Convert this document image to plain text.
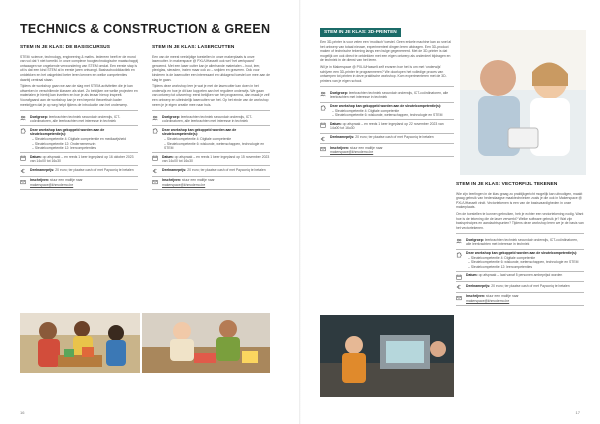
TECHNICS & CONSTRUCTION & GREEN
STEM IN JE KLAS: DE BASISCURSUS

STEM: science, technology, engineering & maths. Iedereen heeft er de mond van vol dat ‘t niet toereikt. In onze complexe hoogtechnologische maatschappij ontwaagen we ongekende verwondering van STEM omdat. Een eerste stap is uit is dat een kind STEM al in eerste jaren ontvangt. Basisschooldidactiek en ontdekken en het vakgebied beter leren kennen en welke competenties daarbij centraal staan.

Tijdens de workshop gaan we aan de slag met STEM-activiteiten die je kan uitwerken in verschillende klassen als start. Zo bekijken we welke projecten en materialen je hierbij kan inzetten en hoe je als leraar hierop inspeelt. Voorafgaand aan de workshop kan je een beperkt theoretisch kader meekrijgen dat je op weg helpt tijdens de introductie van het onderwerp.

Doelgroep: leerkrachten techniek secundair onderwijs, ICT-coördinatoren, alle leerkrachten met interesse in techniek
Deze workshop kan gekoppeld worden aan de sleutelcompetentie(s):
– Sleutelcompetentie 4: Digitale competentie en mediawijsheid
– Sleutelcompetentie 12: Ondernemerszin
– Sleutelcompetentie 12: leercompetenties
Datum: op afspraak – en reeds 1 keer ingepland op 16 oktober 2023 van 14u00 tot 16u30
Deelnameprijs: 20 euro; ter plaatse cash of met Payconiq te betalen
Inschrijven: stuur een mailtje naar
makerspace@khmcdemo.be
STEM IN JE KLAS: LASERCUTTEN

Een van de meest veelzijdige toestellen in onze makerplaats is onze lasercutter. In makerspace @ PXL/UHasselt ook wel ‘het werkpaard’ genoemd. Met een laser cutter kan je allerhande materialen – hout, leer, plexiglas, sieraden, inzien maar ook zo – snijden en graveren. Ook voor kinderen is de lasercutter een interessant en uitdagend toestel om mee aan de slag te gaan.

Tijdens deze workshop leer je wat je met de lasercutter kan doen in het onderwijs en hoe je dit kan koppelen aan het reguliere onderwijs. We gaan van ontwerp tot uitvoering: eerst bekijken we het programma, dan maak je zelf een ontwerp en uiteindelijk lasercutten we het. Op het einde van de workshop neem je je eigen creatie mee naar huis.

Doelgroep: leerkrachten techniek secundair onderwijs, ICT-coördinatoren, alle leerkrachten met interesse in techniek
Deze workshop kan gekoppeld worden aan de sleutelcompetentie(s):
– Sleutelcompetentie 4: Digitale competentie
– Sleutelcompetentie 6: wiskunde, wetenschappen, technologie en STEM
Datum: op afspraak – en reeds 1 keer ingepland op 15 november 2023 van 14u00 tot 16u30
Deelnameprijs: 20 euro; ter plaatse cash of met Payconiq te betalen
Inschrijven: stuur een mailtje naar
makerspace@khmcdemo.be
16
STEM IN JE KLAS: 3D-PRINTEN

Een 3D-printer is voor velen een ‘modisch’ toestel. Geen enkele machine kan zo snel al het ontwerp van totaal nieuwe, experimenteel dingen leren uitdragen. Een 3D-product maken of technische tekening langs een bulge gegenereerd. Met de 3D-printer is dat mogelijk om ook direct te ontdekken met een eigen ontwerp als onderdeel bijdragen en de techniek in de dienst van het leren.

Wil je in Makerspace @ PXL/UHasselt zelf ervaren hoe het is om met ‘onderwijs’ schijven een 3D-printer te programmeren? We doorlopen het volledige proces van ontwerpen tot printen in deze praktische workshop. Kom experimenteren met de 3D-printers van je eigen school.

Doelgroep: leerkrachten techniek secundair onderwijs, ICT-coördinatoren, alle leerkrachten met interesse in techniek
Deze workshop kan gekoppeld worden aan de sleutelcompetentie(s):
– Sleutelcompetentie 4: Digitale competentie
– Sleutelcompetentie 6: wiskunde, wetenschappen, technologie en STEM
Datum: op afspraak – en reeds 1 keer ingepland op 22 november 2023 van 14u00 tot 16u30
Deelnameprijs: 20 euro; ter plaatse cash of met Payconiq te betalen
Inschrijven: stuur een mailtje naar
makerspace@khmcdemo.be
STEM IN JE KLAS: VECTORFIJL TEKENEN

Wie zijn leerlingen in de klas graag zo praktijkgericht mogelijk kan uitnodigen, maakt graag gebruik van hedendaagse maaktechnieken zoals je die ook in Makerspace @ PXL/UHasselt vindt. Vectortekenen is een van de basisvaardigheden in onze makerplaats.

Om de toestellen te kunnen gebruiken, heb je echter een vectortekening nodig. Want hoe is de tekening die de laser verwerkt? Welke software gebruik je? Wat zijn basisprincipes en aandachtspunten? Tijdens deze workshop leren we je de basis van het vectortekenen.

Doelgroep: leerkrachten techniek secundair onderwijs, ICT-coördinatoren, alle leerkrachten met interesse in techniek
Deze workshop kan gekoppeld worden aan de sleutelcompetentie(s):
– Sleutelcompetentie 4: Digitale competentie
– Sleutelcompetentie 6: wiskunde, wetenschappen, technologie en STEM
– Sleutelcompetentie 12: leercompetenties
Datum: op afspraak – laat vanaf 5 personen ambeprijsd worden
Deelnameprijs: 20 euro; ter plaatse cash of met Payconiq te betalen
Inschrijven: stuur een mailtje naar
makerspace@khmcdemo.be
17
